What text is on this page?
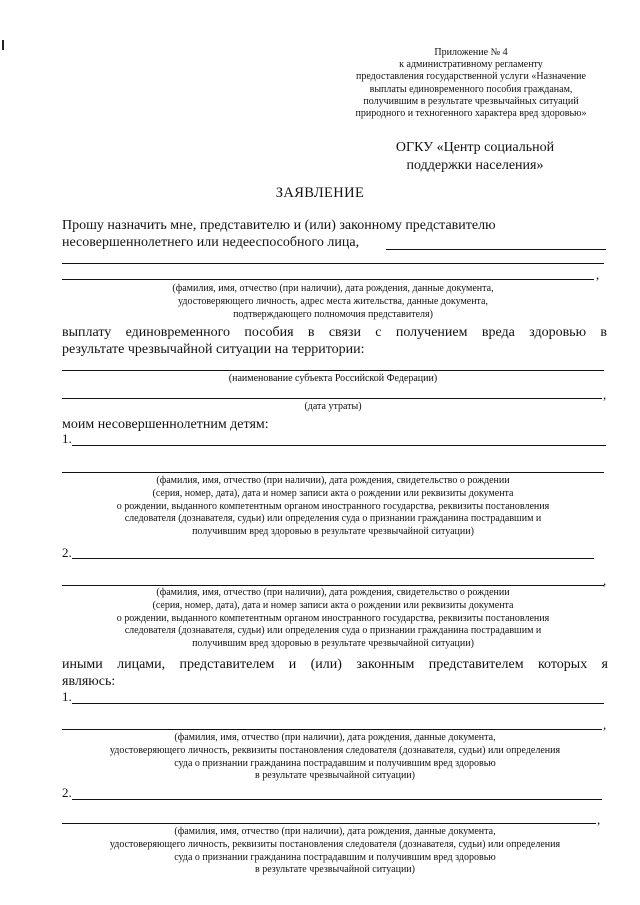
Приложение № 4
к административному регламенту
предоставления государственной услуги «Назначение
выплаты единовременного пособия гражданам,
получившим в результате чрезвычайных ситуаций
природного и техногенного характера вред здоровью»
ОГКУ «Центр социальной
поддержки населения»
ЗАЯВЛЕНИЕ
Прошу назначить мне, представителю и (или) законному представителю
несовершеннолетнего или недееспособного лица,
,
(фамилия, имя, отчество (при наличии), дата рождения, данные документа,
удостоверяющего личность, адрес места жительства, данные документа,
подтверждающего полномочия представителя)
выплату единовременного пособия в связи с получением вреда здоровью в
результате чрезвычайной ситуации на территории:
(наименование субъекта Российской Федерации)
,
(дата утраты)
моим несовершеннолетним детям:
1.
(фамилия, имя, отчество (при наличии), дата рождения, свидетельство о рождении
(серия, номер, дата), дата и номер записи акта о рождении или реквизиты документа
о рождении, выданного компетентным органом иностранного государства, реквизиты постановления
следователя (дознавателя, судьи) или определения суда о признании гражданина пострадавшим и
получившим вред здоровью в результате чрезвычайной ситуации)
2.
,
(фамилия, имя, отчество (при наличии), дата рождения, свидетельство о рождении
(серия, номер, дата), дата и номер записи акта о рождении или реквизиты документа
о рождении, выданного компетентным органом иностранного государства, реквизиты постановления
следователя (дознавателя, судьи) или определения суда о признании гражданина пострадавшим и
получившим вред здоровью в результате чрезвычайной ситуации)
иными лицами, представителем и (или) законным представителем которых я
являюсь:
1.
,
(фамилия, имя, отчество (при наличии), дата рождения, данные документа,
удостоверяющего личность, реквизиты постановления следователя (дознавателя, судьи) или определения
суда о признании гражданина пострадавшим и получившим вред здоровью
в результате чрезвычайной ситуации)
2.
,
(фамилия, имя, отчество (при наличии), дата рождения, данные документа,
удостоверяющего личность, реквизиты постановления следователя (дознавателя, судьи) или определения
суда о признании гражданина пострадавшим и получившим вред здоровью
в результате чрезвычайной ситуации)
